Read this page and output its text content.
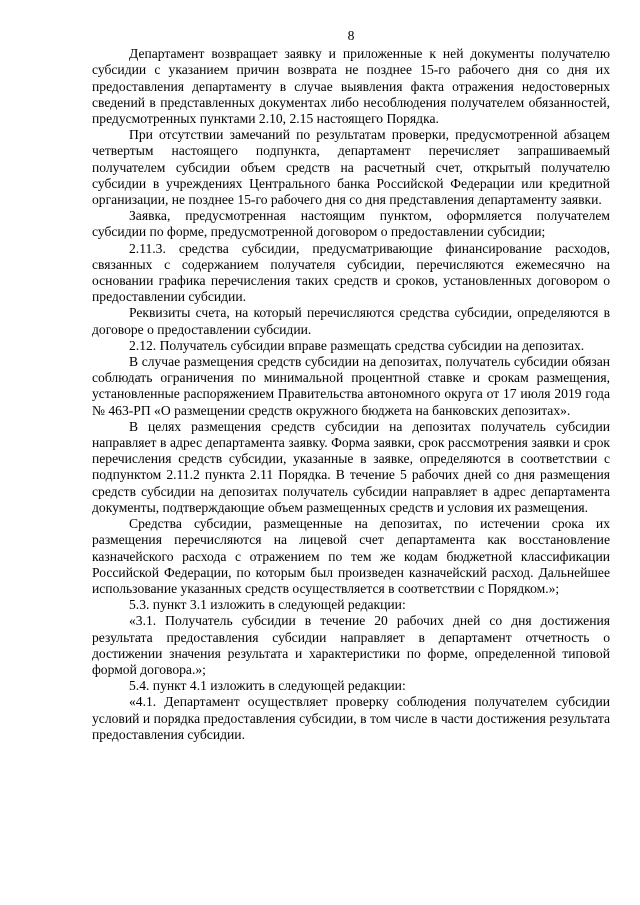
8

Департамент возвращает заявку и приложенные к ней документы получателю субсидии с указанием причин возврата не позднее 15-го рабочего дня со дня их предоставления департаменту в случае выявления факта отражения недостоверных сведений в представленных документах либо несоблюдения получателем обязанностей, предусмотренных пунктами 2.10, 2.15 настоящего Порядка.

При отсутствии замечаний по результатам проверки, предусмотренной абзацем четвертым настоящего подпункта, департамент перечисляет запрашиваемый получателем субсидии объем средств на расчетный счет, открытый получателю субсидии в учреждениях Центрального банка Российской Федерации или кредитной организации, не позднее 15-го рабочего дня со дня представления департаменту заявки.

Заявка, предусмотренная настоящим пунктом, оформляется получателем субсидии по форме, предусмотренной договором о предоставлении субсидии;

2.11.3. средства субсидии, предусматривающие финансирование расходов, связанных с содержанием получателя субсидии, перечисляются ежемесячно на основании графика перечисления таких средств и сроков, установленных договором о предоставлении субсидии.

Реквизиты счета, на который перечисляются средства субсидии, определяются в договоре о предоставлении субсидии.

2.12. Получатель субсидии вправе размещать средства субсидии на депозитах.

В случае размещения средств субсидии на депозитах, получатель субсидии обязан соблюдать ограничения по минимальной процентной ставке и срокам размещения, установленные распоряжением Правительства автономного округа от 17 июля 2019 года № 463-РП «О размещении средств окружного бюджета на банковских депозитах».

В целях размещения средств субсидии на депозитах получатель субсидии направляет в адрес департамента заявку. Форма заявки, срок рассмотрения заявки и срок перечисления средств субсидии, указанные в заявке, определяются в соответствии с подпунктом 2.11.2 пункта 2.11 Порядка. В течение 5 рабочих дней со дня размещения средств субсидии на депозитах получатель субсидии направляет в адрес департамента документы, подтверждающие объем размещенных средств и условия их размещения.

Средства субсидии, размещенные на депозитах, по истечении срока их размещения перечисляются на лицевой счет департамента как восстановление казначейского расхода с отражением по тем же кодам бюджетной классификации Российской Федерации, по которым был произведен казначейский расход. Дальнейшее использование указанных средств осуществляется в соответствии с Порядком.»;

5.3. пункт 3.1 изложить в следующей редакции:

«3.1. Получатель субсидии в течение 20 рабочих дней со дня достижения результата предоставления субсидии направляет в департамент отчетность о достижении значения результата и характеристики по форме, определенной типовой формой договора.»;

5.4. пункт 4.1 изложить в следующей редакции:

«4.1. Департамент осуществляет проверку соблюдения получателем субсидии условий и порядка предоставления субсидии, в том числе в части достижения результата предоставления субсидии.
